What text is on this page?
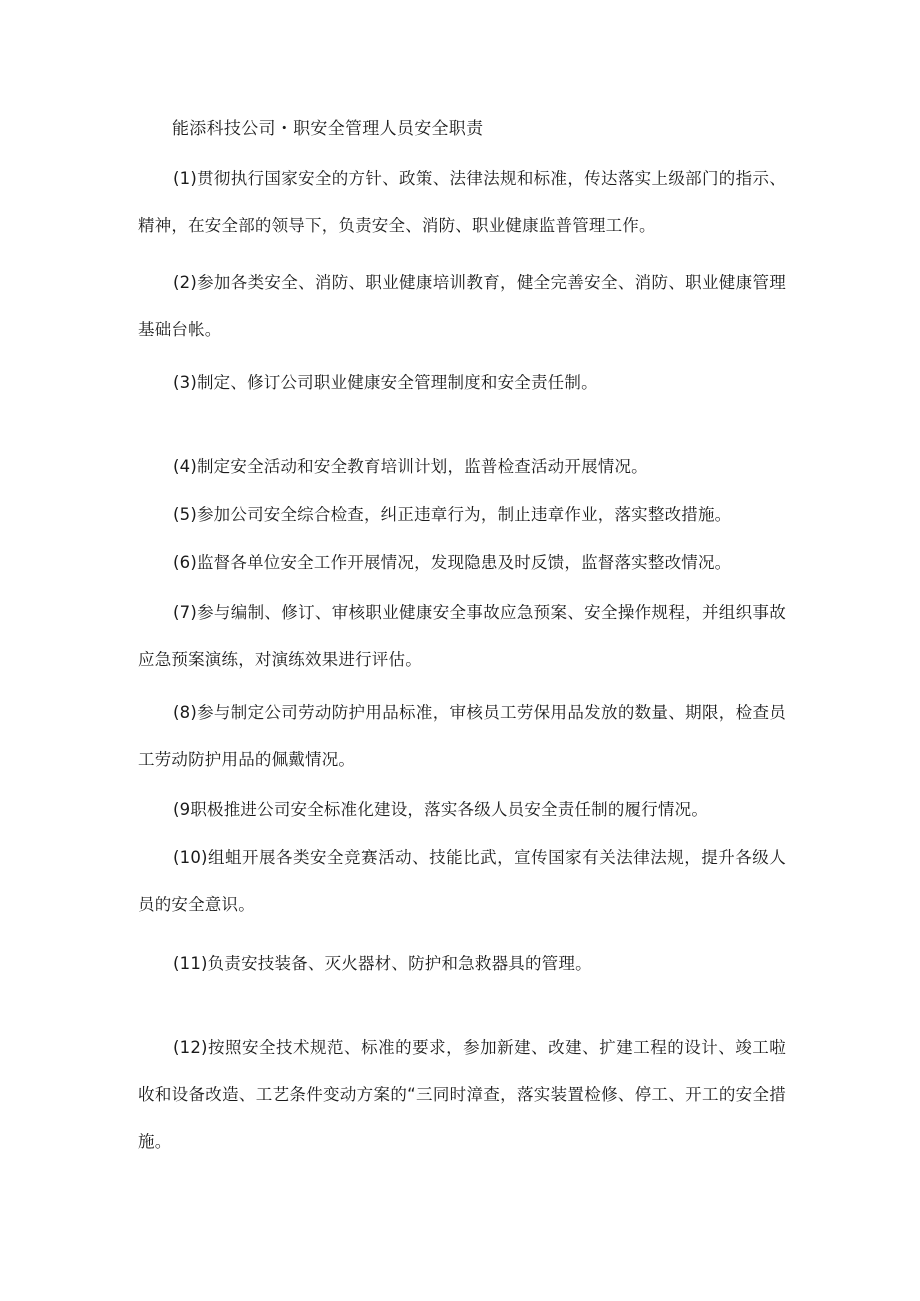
能添科技公司・职安全管理人员安全职责

(1)贯彻执行国家安全的方针、政策、法律法规和标准，传达落实上级部门的指示、精神，在安全部的领导下，负责安全、消防、职业健康监普管理工作。

(2)参加各类安全、消防、职业健康培训教育，健全完善安全、消防、职业健康管理基础台帐。

(3)制定、修订公司职业健康安全管理制度和安全责任制。

(4)制定安全活动和安全教育培训计划，监普检查活动开展情况。

(5)参加公司安全综合检查，纠正违章行为，制止违章作业，落实整改措施。

(6)监督各单位安全工作开展情况，发现隐患及时反馈，监督落实整改情况。

(7)参与编制、修订、审核职业健康安全事故应急预案、安全操作规程，并组织事故应急预案演练，对演练效果进行评估。

(8)参与制定公司劳动防护用品标准，审核员工劳保用品发放的数量、期限，检查员工劳动防护用品的佩戴情况。

(9职极推进公司安全标准化建设，落实各级人员安全责任制的履行情况。

(10)组蛆开展各类安全竞赛活动、技能比武，宣传国家有关法律法规，提升各级人员的安全意识。

(11)负责安技装备、灭火器材、防护和急救器具的管理。

(12)按照安全技术规范、标准的要求，参加新建、改建、扩建工程的设计、竣工啦收和设备改造、工艺条件变动方案的“三同时漳查，落实装置检修、停工、开工的安全措施。
